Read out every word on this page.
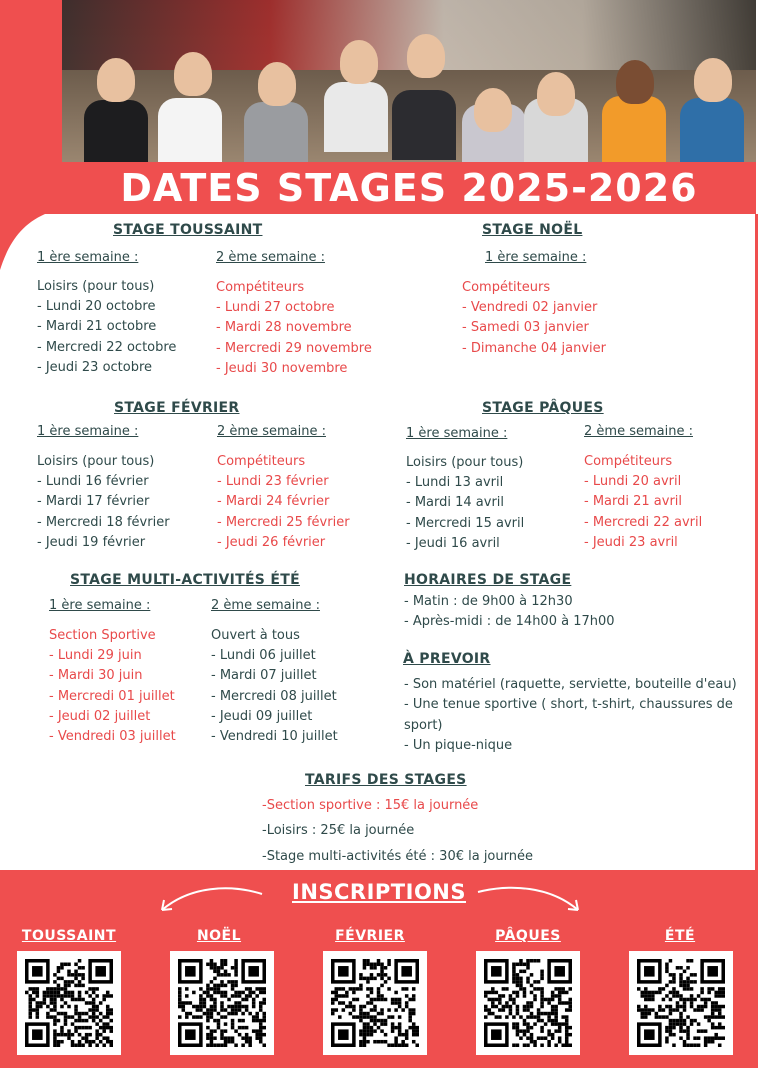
DATES STAGES 2025-2026
STAGE TOUSSAINT
1 ère semaine :
Loisirs (pour tous)
- Lundi 20 octobre
- Mardi 21 octobre
- Mercredi 22 octobre
- Jeudi 23 octobre
2 ème semaine :
Compétiteurs
- Lundi 27 octobre
- Mardi 28 novembre
- Mercredi 29 novembre
- Jeudi 30 novembre
STAGE NOËL
1 ère semaine :
Compétiteurs
- Vendredi 02 janvier
- Samedi 03 janvier
- Dimanche 04 janvier
STAGE FÉVRIER
1 ère semaine :
Loisirs (pour tous)
- Lundi 16 février
- Mardi 17 février
- Mercredi 18 février
- Jeudi 19 février
2 ème semaine :
Compétiteurs
- Lundi 23 février
- Mardi 24 février
- Mercredi 25 février
- Jeudi 26 février
STAGE PÂQUES
1 ère semaine :
Loisirs (pour tous)
- Lundi 13 avril
- Mardi 14 avril
- Mercredi 15 avril
- Jeudi 16 avril
2 ème semaine :
Compétiteurs
- Lundi 20 avril
- Mardi 21 avril
- Mercredi 22 avril
- Jeudi 23 avril
STAGE MULTI-ACTIVITÉS ÉTÉ
1 ère semaine :
Section Sportive
- Lundi 29 juin
- Mardi 30 juin
- Mercredi 01 juillet
- Jeudi 02 juillet
- Vendredi 03 juillet
2 ème semaine :
Ouvert à tous
- Lundi 06 juillet
- Mardi 07 juillet
- Mercredi 08 juillet
- Jeudi 09 juillet
- Vendredi 10 juillet
HORAIRES DE STAGE
- Matin : de 9h00 à 12h30
- Après-midi : de 14h00 à 17h00
À PREVOIR
- Son matériel (raquette, serviette, bouteille d'eau)
- Une tenue sportive ( short, t-shirt, chaussures de
sport)
- Un pique-nique
TARIFS DES STAGES
-Section sportive : 15€ la journée
-Loisirs : 25€ la journée
-Stage multi-activités été : 30€ la journée
INSCRIPTIONS
TOUSSAINT	NOËL	FÉVRIER	PÂQUES	ÉTÉ
